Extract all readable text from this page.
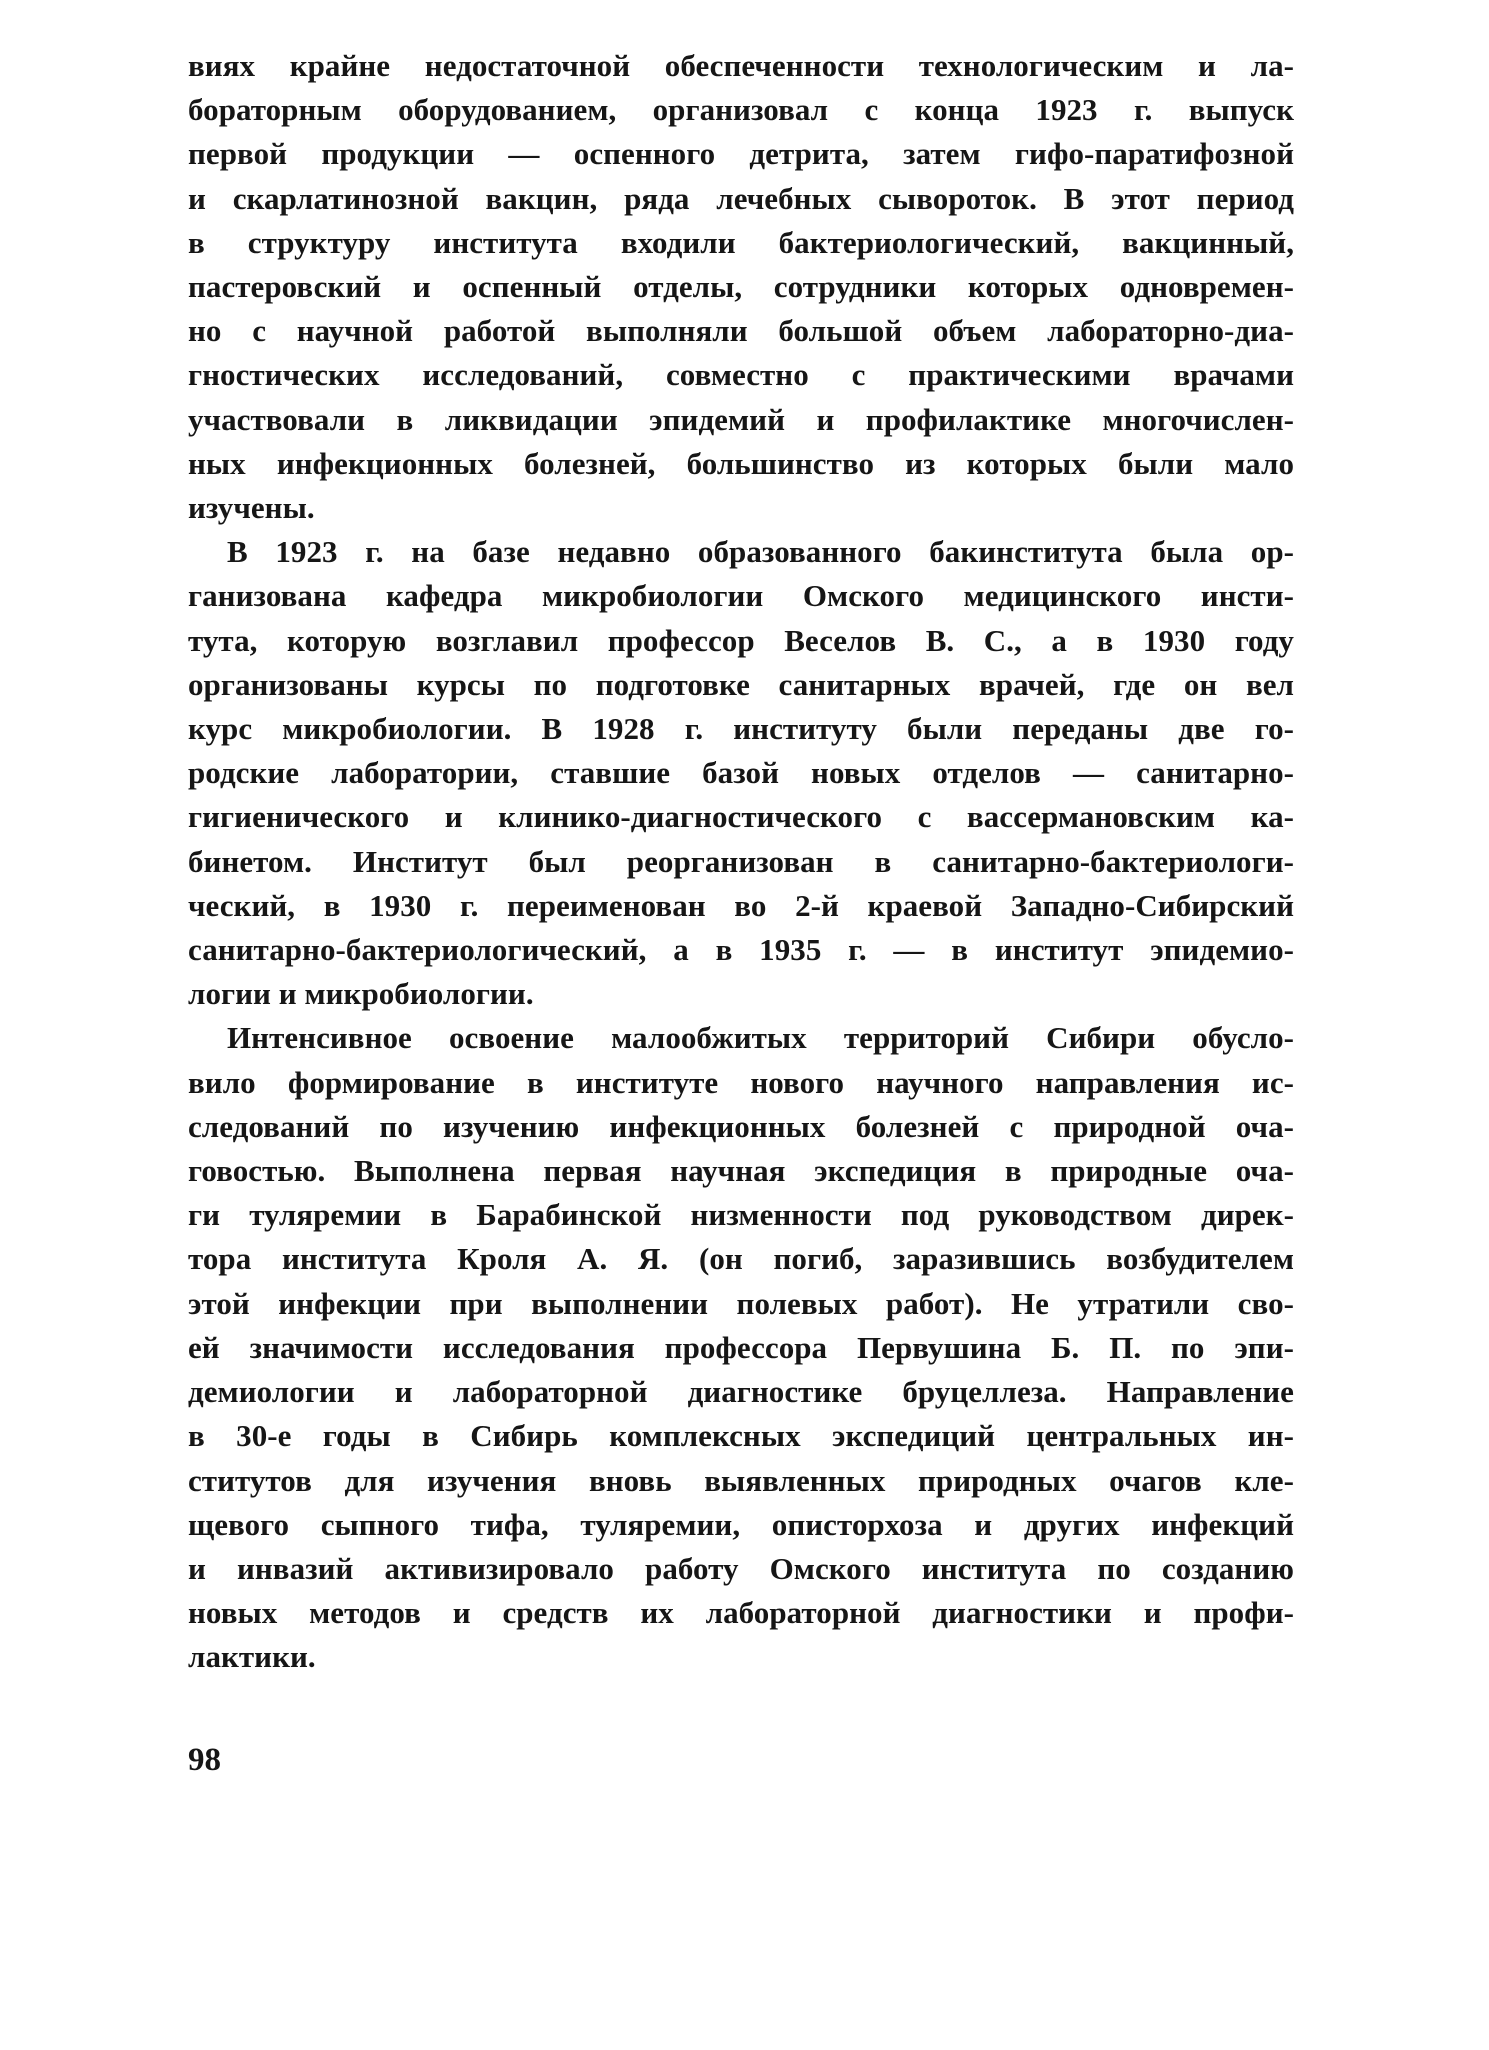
виях крайне недостаточной обеспеченности технологическим и ла-
бораторным оборудованием, организовал с конца 1923 г. выпуск
первой продукции — оспенного детрита, затем гифо-паратифозной
и скарлатинозной вакцин, ряда лечебных сывороток. В этот период
в структуру института входили бактериологический, вакцинный,
пастеровский и оспенный отделы, сотрудники которых одновремен-
но с научной работой выполняли большой объем лабораторно-диа-
гностических исследований, совместно с практическими врачами
участвовали в ликвидации эпидемий и профилактике многочислен-
ных инфекционных болезней, большинство из которых были мало
изучены.

В 1923 г. на базе недавно образованного бакинститута была ор-
ганизована кафедра микробиологии Омского медицинского инсти-
тута, которую возглавил профессор Веселов В. С., а в 1930 году
организованы курсы по подготовке санитарных врачей, где он вел
курс микробиологии. В 1928 г. институту были переданы две го-
родские лаборатории, ставшие базой новых отделов — санитарно-
гигиенического и клинико-диагностического с вассермановским ка-
бинетом. Институт был реорганизован в санитарно-бактериологи-
ческий, в 1930 г. переименован во 2-й краевой Западно-Сибирский
санитарно-бактериологический, а в 1935 г. — в институт эпидемио-
логии и микробиологии.

Интенсивное освоение малообжитых территорий Сибири обусло-
вило формирование в институте нового научного направления ис-
следований по изучению инфекционных болезней с природной оча-
говостью. Выполнена первая научная экспедиция в природные оча-
ги туляремии в Барабинской низменности под руководством дирек-
тора института Кроля А. Я. (он погиб, заразившись возбудителем
этой инфекции при выполнении полевых работ). Не утратили сво-
ей значимости исследования профессора Первушина Б. П. по эпи-
демиологии и лабораторной диагностике бруцеллеза. Направление
в 30-е годы в Сибирь комплексных экспедиций центральных ин-
ститутов для изучения вновь выявленных природных очагов кле-
щевого сыпного тифа, туляремии, описторхоза и других инфекций
и инвазий активизировало работу Омского института по созданию
новых методов и средств их лабораторной диагностики и профи-
лактики.

98
